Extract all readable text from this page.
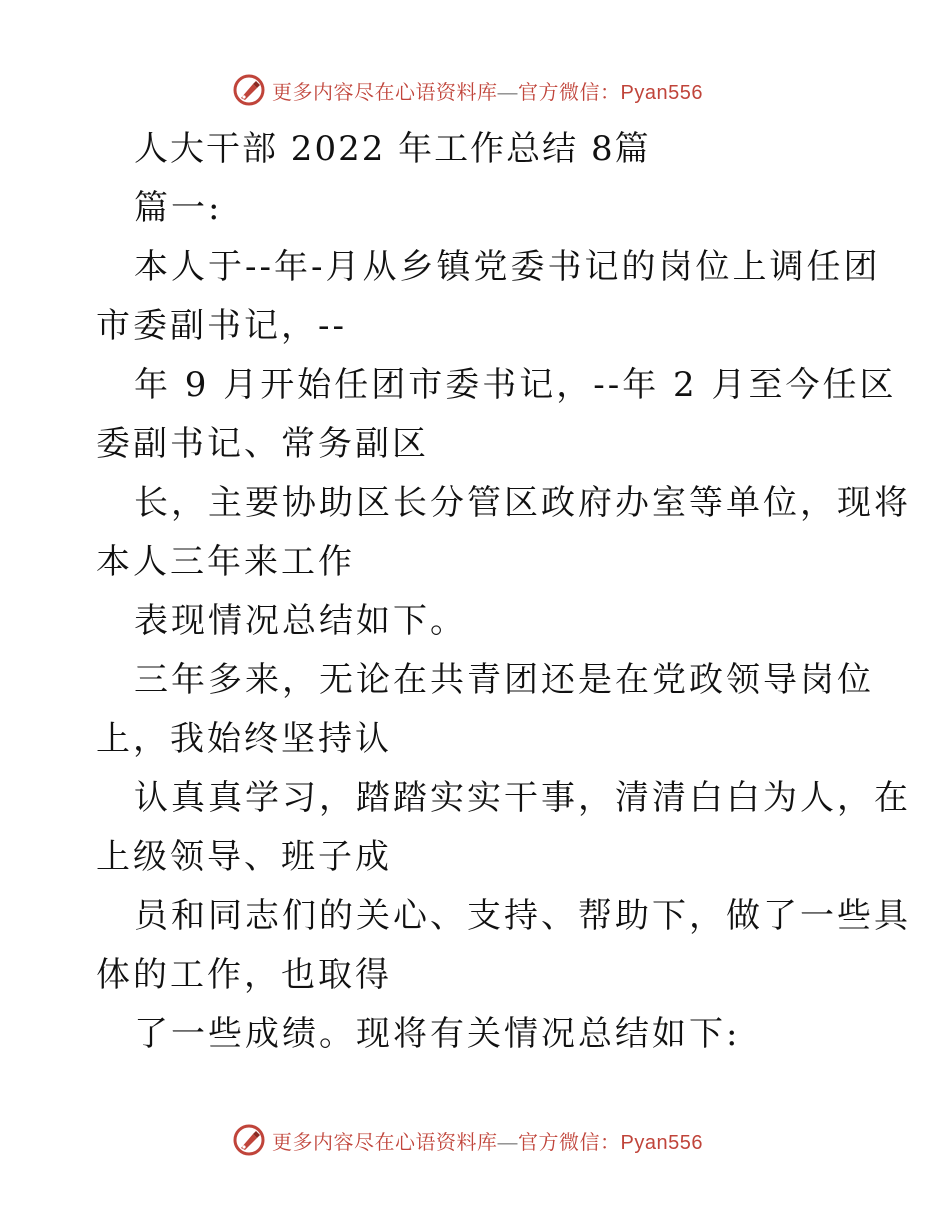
更多内容尽在心语资料库—官方微信：Pyan556
人大干部 2022 年工作总结 8篇
篇一:
本人于--年-月从乡镇党委书记的岗位上调任团
市委副书记，--
年 9 月开始任团市委书记，--年 2 月至今任区
委副书记、常务副区
长，主要协助区长分管区政府办室等单位，现将
本人三年来工作
表现情况总结如下。
三年多来，无论在共青团还是在党政领导岗位
上，我始终坚持认
认真真学习，踏踏实实干事，清清白白为人，在
上级领导、班子成
员和同志们的关心、支持、帮助下，做了一些具
体的工作，也取得
了一些成绩。现将有关情况总结如下:
更多内容尽在心语资料库—官方微信：Pyan556
